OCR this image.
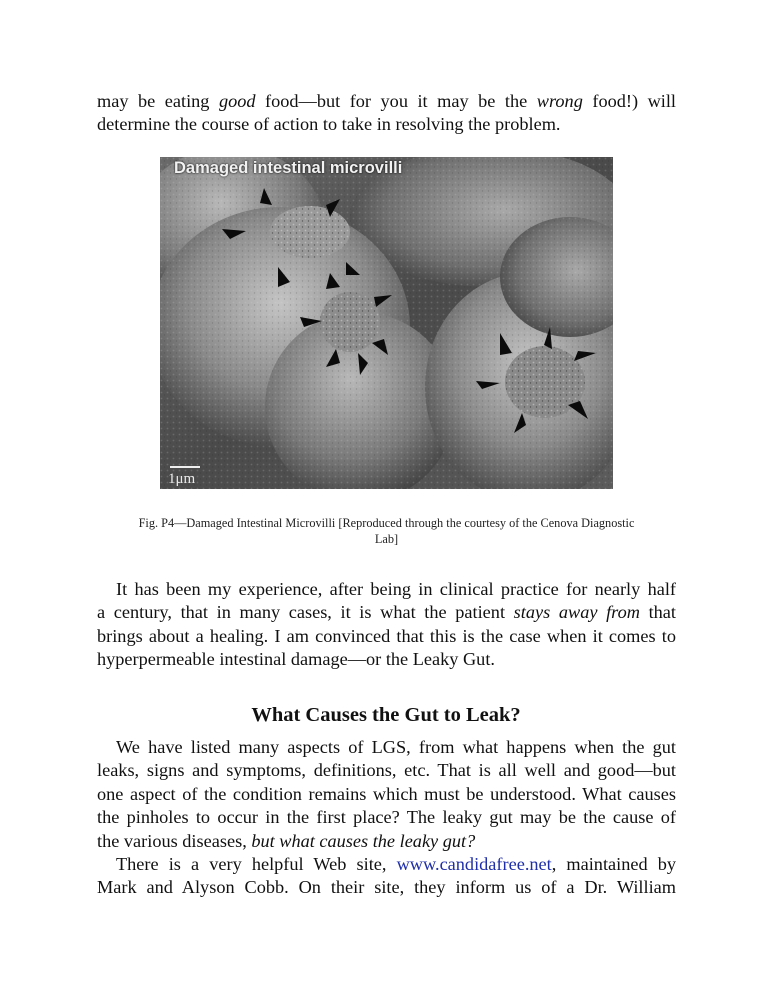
may be eating good food—but for you it may be the wrong food!) will
determine the course of action to take in resolving the problem.
Damaged intestinal microvilli
1μm
Fig. P4—Damaged Intestinal Microvilli [Reproduced through the courtesy of the Cenova Diagnostic
Lab]
It has been my experience, after being in clinical practice for nearly half
a century, that in many cases, it is what the patient stays away from that
brings about a healing. I am convinced that this is the case when it comes to
hyperpermeable intestinal damage—or the Leaky Gut.
What Causes the Gut to Leak?
We have listed many aspects of LGS, from what happens when the gut
leaks, signs and symptoms, definitions, etc. That is all well and good—but
one aspect of the condition remains which must be understood. What causes
the pinholes to occur in the first place? The leaky gut may be the cause of
the various diseases, but what causes the leaky gut?
There is a very helpful Web site, www.candidafree.net, maintained by
Mark and Alyson Cobb. On their site, they inform us of a Dr. William
